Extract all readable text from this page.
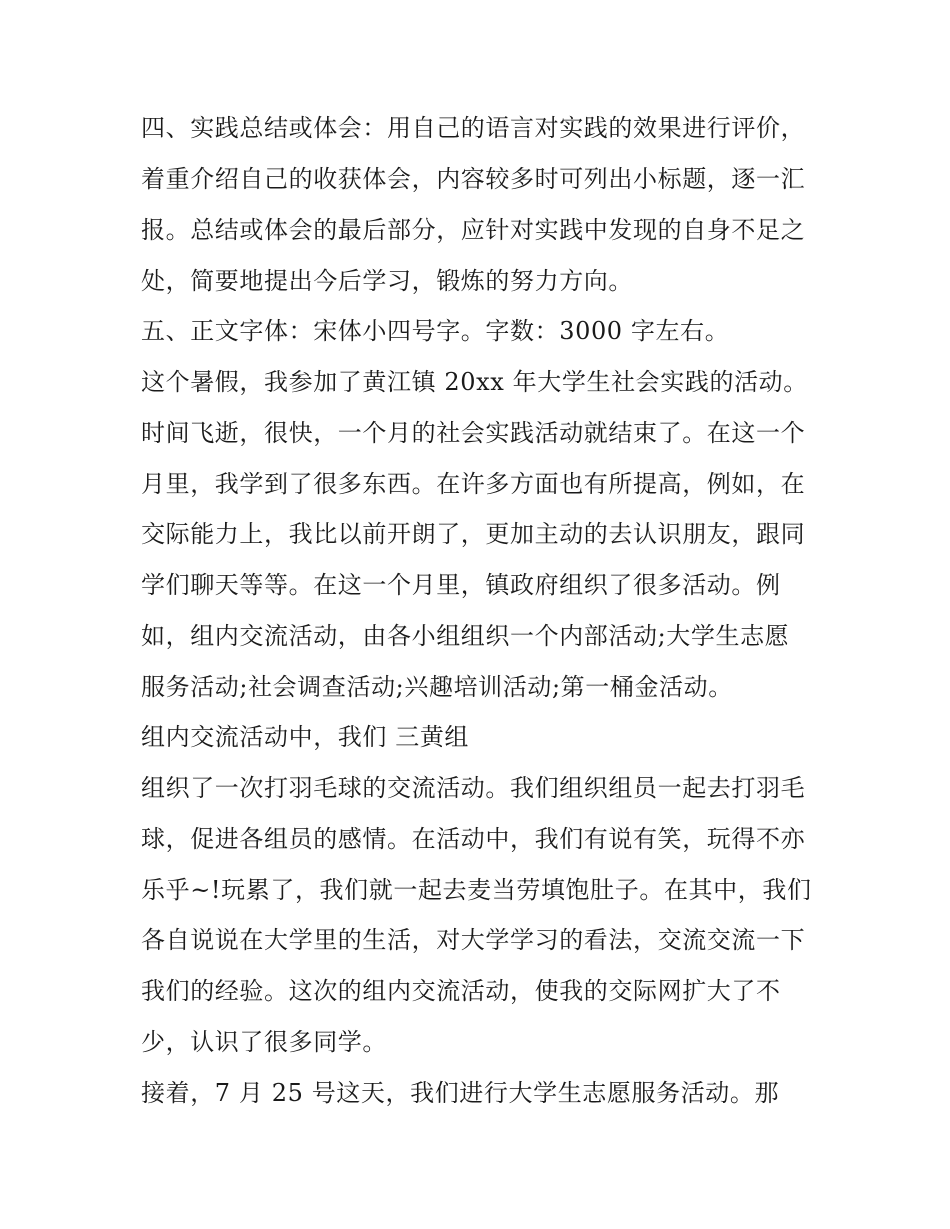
四、实践总结或体会：用自己的语言对实践的效果进行评价，
着重介绍自己的收获体会，内容较多时可列出小标题，逐一汇
报。总结或体会的最后部分，应针对实践中发现的自身不足之
处，简要地提出今后学习，锻炼的努力方向。
五、正文字体：宋体小四号字。字数：3000 字左右。
这个暑假，我参加了黄江镇 20xx 年大学生社会实践的活动。
时间飞逝，很快，一个月的社会实践活动就结束了。在这一个
月里，我学到了很多东西。在许多方面也有所提高，例如，在
交际能力上，我比以前开朗了，更加主动的去认识朋友，跟同
学们聊天等等。在这一个月里，镇政府组织了很多活动。例
如，组内交流活动，由各小组组织一个内部活动;大学生志愿
服务活动;社会调查活动;兴趣培训活动;第一桶金活动。
组内交流活动中，我们 三黄组
组织了一次打羽毛球的交流活动。我们组织组员一起去打羽毛
球，促进各组员的感情。在活动中，我们有说有笑，玩得不亦
乐乎~!玩累了，我们就一起去麦当劳填饱肚子。在其中，我们
各自说说在大学里的生活，对大学学习的看法，交流交流一下
我们的经验。这次的组内交流活动，使我的交际网扩大了不
少，认识了很多同学。
接着，7 月 25 号这天，我们进行大学生志愿服务活动。那
